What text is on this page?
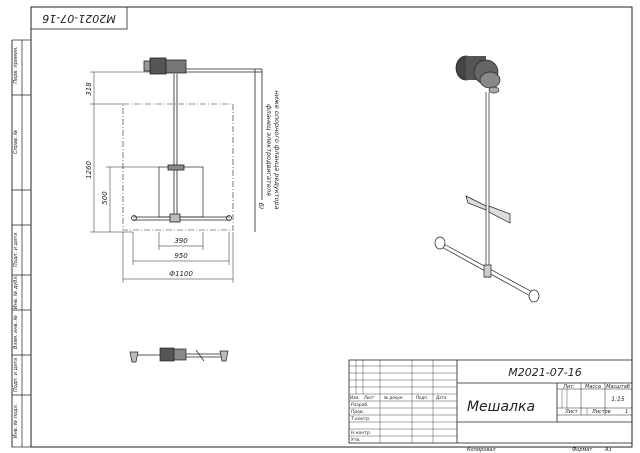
М2021-07-16
Перв. примен.
Справ. №
Подп. и дата
Инв. № дубл.
Взам. инв. №
Подп. и дата
Инв. № подл.
318
1260
500
390
950
Ф1100
фланец электродвигателя ниже опорного фланца редуктора
б)
М2021-07-16
Мешалка
Лит. Масса Масштаб
1:15
Лист	Листов	1
Изм. Лист № докум.	Подп. Дата
Разраб.
Пров.
Т.контр.
Н.контр.
Утв.
Копировал	Формат	А3
